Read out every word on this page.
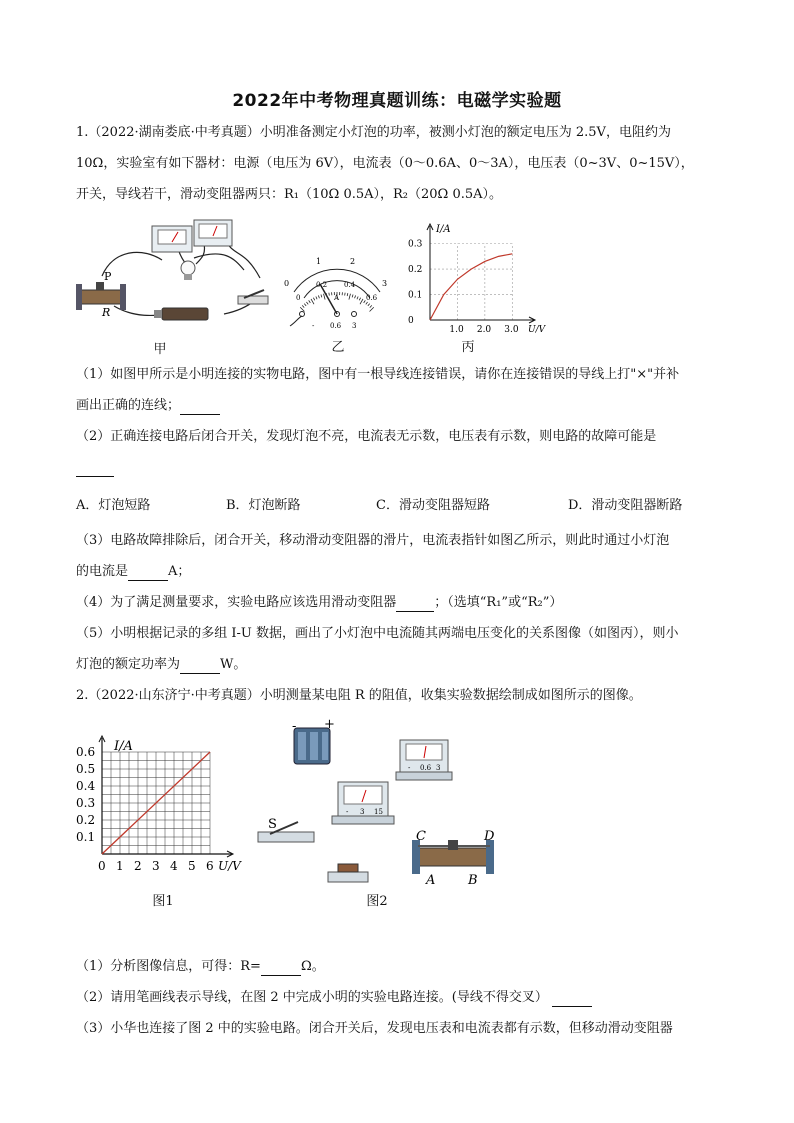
2022年中考物理真题训练：电磁学实验题
1.（2022·湖南娄底·中考真题）小明准备测定小灯泡的功率，被测小灯泡的额定电压为 2.5V，电阻约为
10Ω，实验室有如下器材：电源（电压为 6V），电流表（0～0.6A、0～3A），电压表（0~3V、0~15V），
开关，导线若干，滑动变阻器两只：R₁（10Ω 0.5A），R₂（20Ω 0.5A）。
P
R
甲
0
1	2
3
0
0.2 0.4
0.6
A
- 0.6 3
乙
0
0.1
0.2
0.3
1.0 2.0 3.0
I/A
U/V
丙
（1）如图甲所示是小明连接的实物电路，图中有一根导线连接错误，请你在连接错误的导线上打"×"并补
画出正确的连线；
（2）正确连接电路后闭合开关，发现灯泡不亮，电流表无示数，电压表有示数，则电路的故障可能是
A．灯泡短路	B．灯泡断路	C．滑动变阻器短路	D．滑动变阻器断路
（3）电路故障排除后，闭合开关，移动滑动变阻器的滑片，电流表指针如图乙所示，则此时通过小灯泡
的电流是	A；
（4）为了满足测量要求，实验电路应该选用滑动变阻器	；（选填“R₁”或“R₂”）
（5）小明根据记录的多组 I-U 数据，画出了小灯泡中电流随其两端电压变化的关系图像（如图丙），则小
灯泡的额定功率为	W。
2.（2022·山东济宁·中考真题）小明测量某电阻 R 的阻值，收集实验数据绘制成如图所示的图像。
0.1
0.2
0.3
0.4
0.5
0.6
0 1 2 3 4 5 6
I/A
U/V
图1
- +
- 0.6 3
- 3 15
S
C	D
A	B
图2
（1）分析图像信息，可得：R=	Ω。
（2）请用笔画线表示导线，在图 2 中完成小明的实验电路连接。(导线不得交叉）
（3）小华也连接了图 2 中的实验电路。闭合开关后，发现电压表和电流表都有示数，但移动滑动变阻器
